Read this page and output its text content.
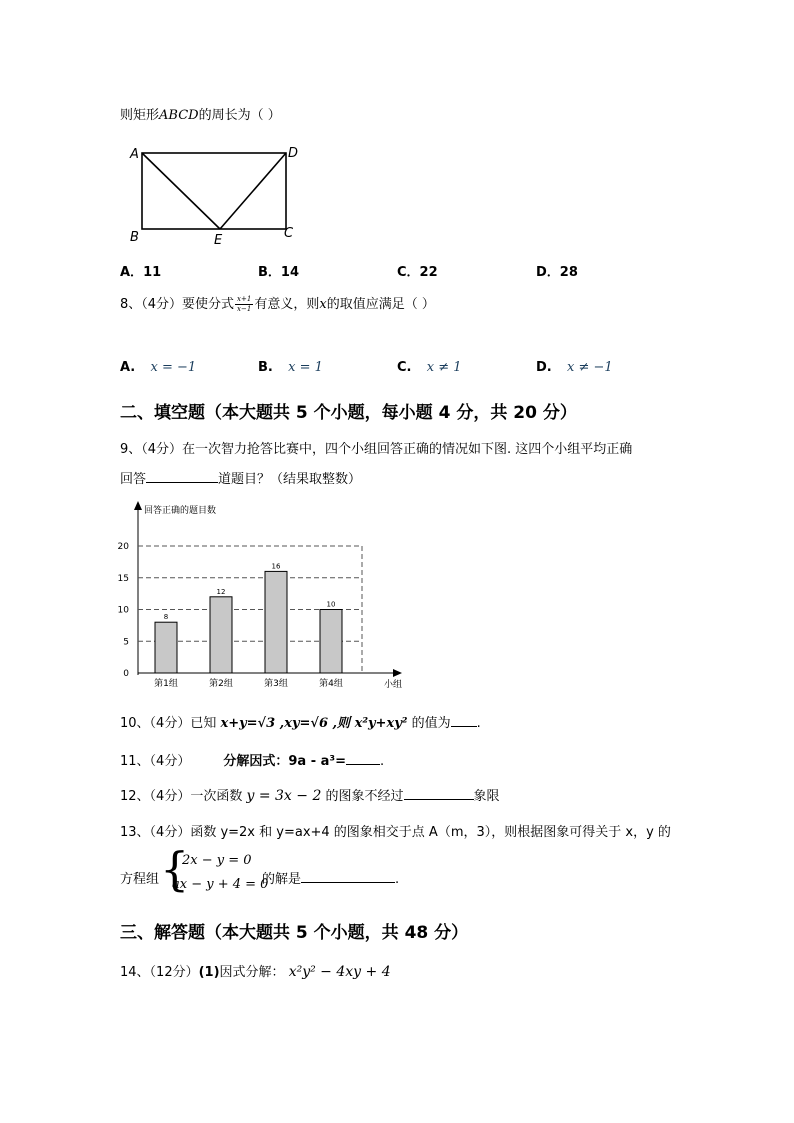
则矩形ABCD的周长为（ ）
A	D
B	E	C
A．11	B．14	C．22	D．28
8、（4分）要使分式 $\frac{x+1}{x-1}$ 有意义，则x的取值应满足（ ）
A. x = −1	B. x = 1	C. x ≠ 1	D. x ≠ −1
二、填空题（本大题共 5 个小题，每小题 4 分，共 20 分）
9、（4分）在一次智力抢答比赛中，四个小组回答正确的情况如下图. 这四个小组平均正确
回答	道题目？（结果取整数）
回答正确的题目数
小组
8
12
16
10
0
5
10
15
20
第1组	第2组	第3组	第4组
10、（4分）已知 x+y=√3 ,xy=√6 ,则 x²y+xy² 的值为 .
11、（4分）	分解因式：9a - a³=	.
12、（4分）一次函数 y = 3x − 2 的图象不经过	象限
13、（4分）函数 y=2x 和 y=ax+4 的图象相交于点 A（m，3），则根据图象可得关于 x，y 的
方程组 {
2x − y = 0
ax − y + 4 = 0
的解是	.
三、解答题（本大题共 5 个小题，共 48 分）
14、（12分）(1)因式分解： x²y² − 4xy + 4
